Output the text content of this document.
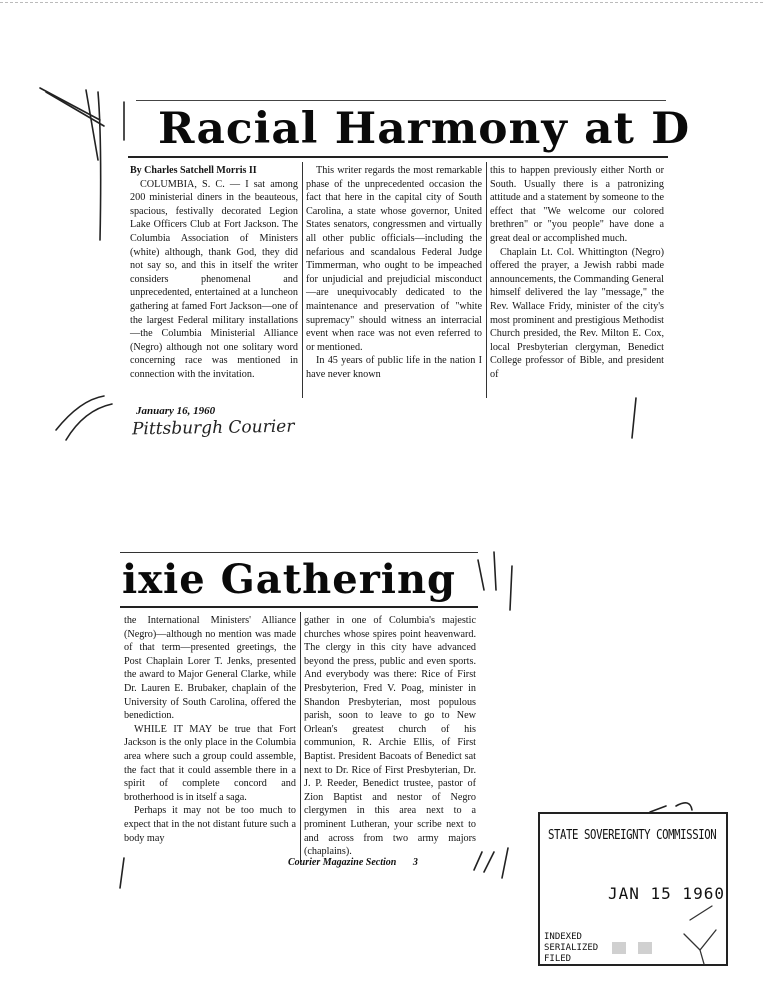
Racial Harmony at D
By Charles Satchell Morris II

COLUMBIA, S. C. — I sat among 200 ministerial diners in the beauteous, spacious, festivally decorated Legion Lake Officers Club at Fort Jackson. The Columbia Association of Ministers (white) although, thank God, they did not say so, and this in itself the writer considers phenomenal and unprecedented, entertained at a luncheon gathering at famed Fort Jackson—one of the largest Federal military installations—the Columbia Ministerial Alliance (Negro) although not one solitary word concerning race was mentioned in connection with the invitation.

This writer regards the most remarkable phase of the unprecedented occasion the fact that here in the capital city of South Carolina, a state whose governor, United States senators, congressmen and virtually all other public officials—including the nefarious and scandalous Federal Judge Timmerman, who ought to be impeached for unjudicial and prejudicial misconduct—are unequivocably dedicated to the maintenance and preservation of "white supremacy" should witness an interracial event when race was not even referred to or mentioned.

In 45 years of public life in the nation I have never known

this to happen previously either North or South. Usually there is a patronizing attitude and a statement by someone to the effect that "We welcome our colored brethren" or "you people" have done a great deal or accomplished much.

Chaplain Lt. Col. Whittington (Negro) offered the prayer, a Jewish rabbi made announcements, the Commanding General himself delivered the lay "message," the Rev. Wallace Fridy, minister of the city's most prominent and prestigious Methodist Church presided, the Rev. Milton E. Cox, local Presbyterian clergyman, Benedict College professor of Bible, and president of

January 16, 1960
Pittsburgh Courier
ixie Gathering

the International Ministers' Alliance (Negro)—although no mention was made of that term—presented greetings, the Post Chaplain Lorer T. Jenks, presented the award to Major General Clarke, while Dr. Lauren E. Brubaker, chaplain of the University of South Carolina, offered the benediction.

WHILE IT MAY be true that Fort Jackson is the only place in the Columbia area where such a group could assemble, the fact that it could assemble there in a spirit of complete concord and brotherhood is in itself a saga.

Perhaps it may not be too much to expect that in the not distant future such a body may

gather in one of Columbia's majestic churches whose spires point heavenward. The clergy in this city have advanced beyond the press, public and even sports. And everybody was there: Rice of First Presbyterion, Fred V. Poag, minister in Shandon Presbyterian, most populous parish, soon to leave to go to New Orlean's greatest church of his communion, R. Archie Ellis, of First Baptist. President Bacoats of Benedict sat next to Dr. Rice of First Presbyterian, Dr. J. P. Reeder, Benedict trustee, pastor of Zion Baptist and nestor of Negro clergymen in this area next to a prominent Lutheran, your scribe next to and across from two army majors (chaplains).

Courier Magazine Section 3
STATE SOVEREIGNTY COMMISSION
JAN 15 1960
INDEXED
SERIALIZED
FILED
